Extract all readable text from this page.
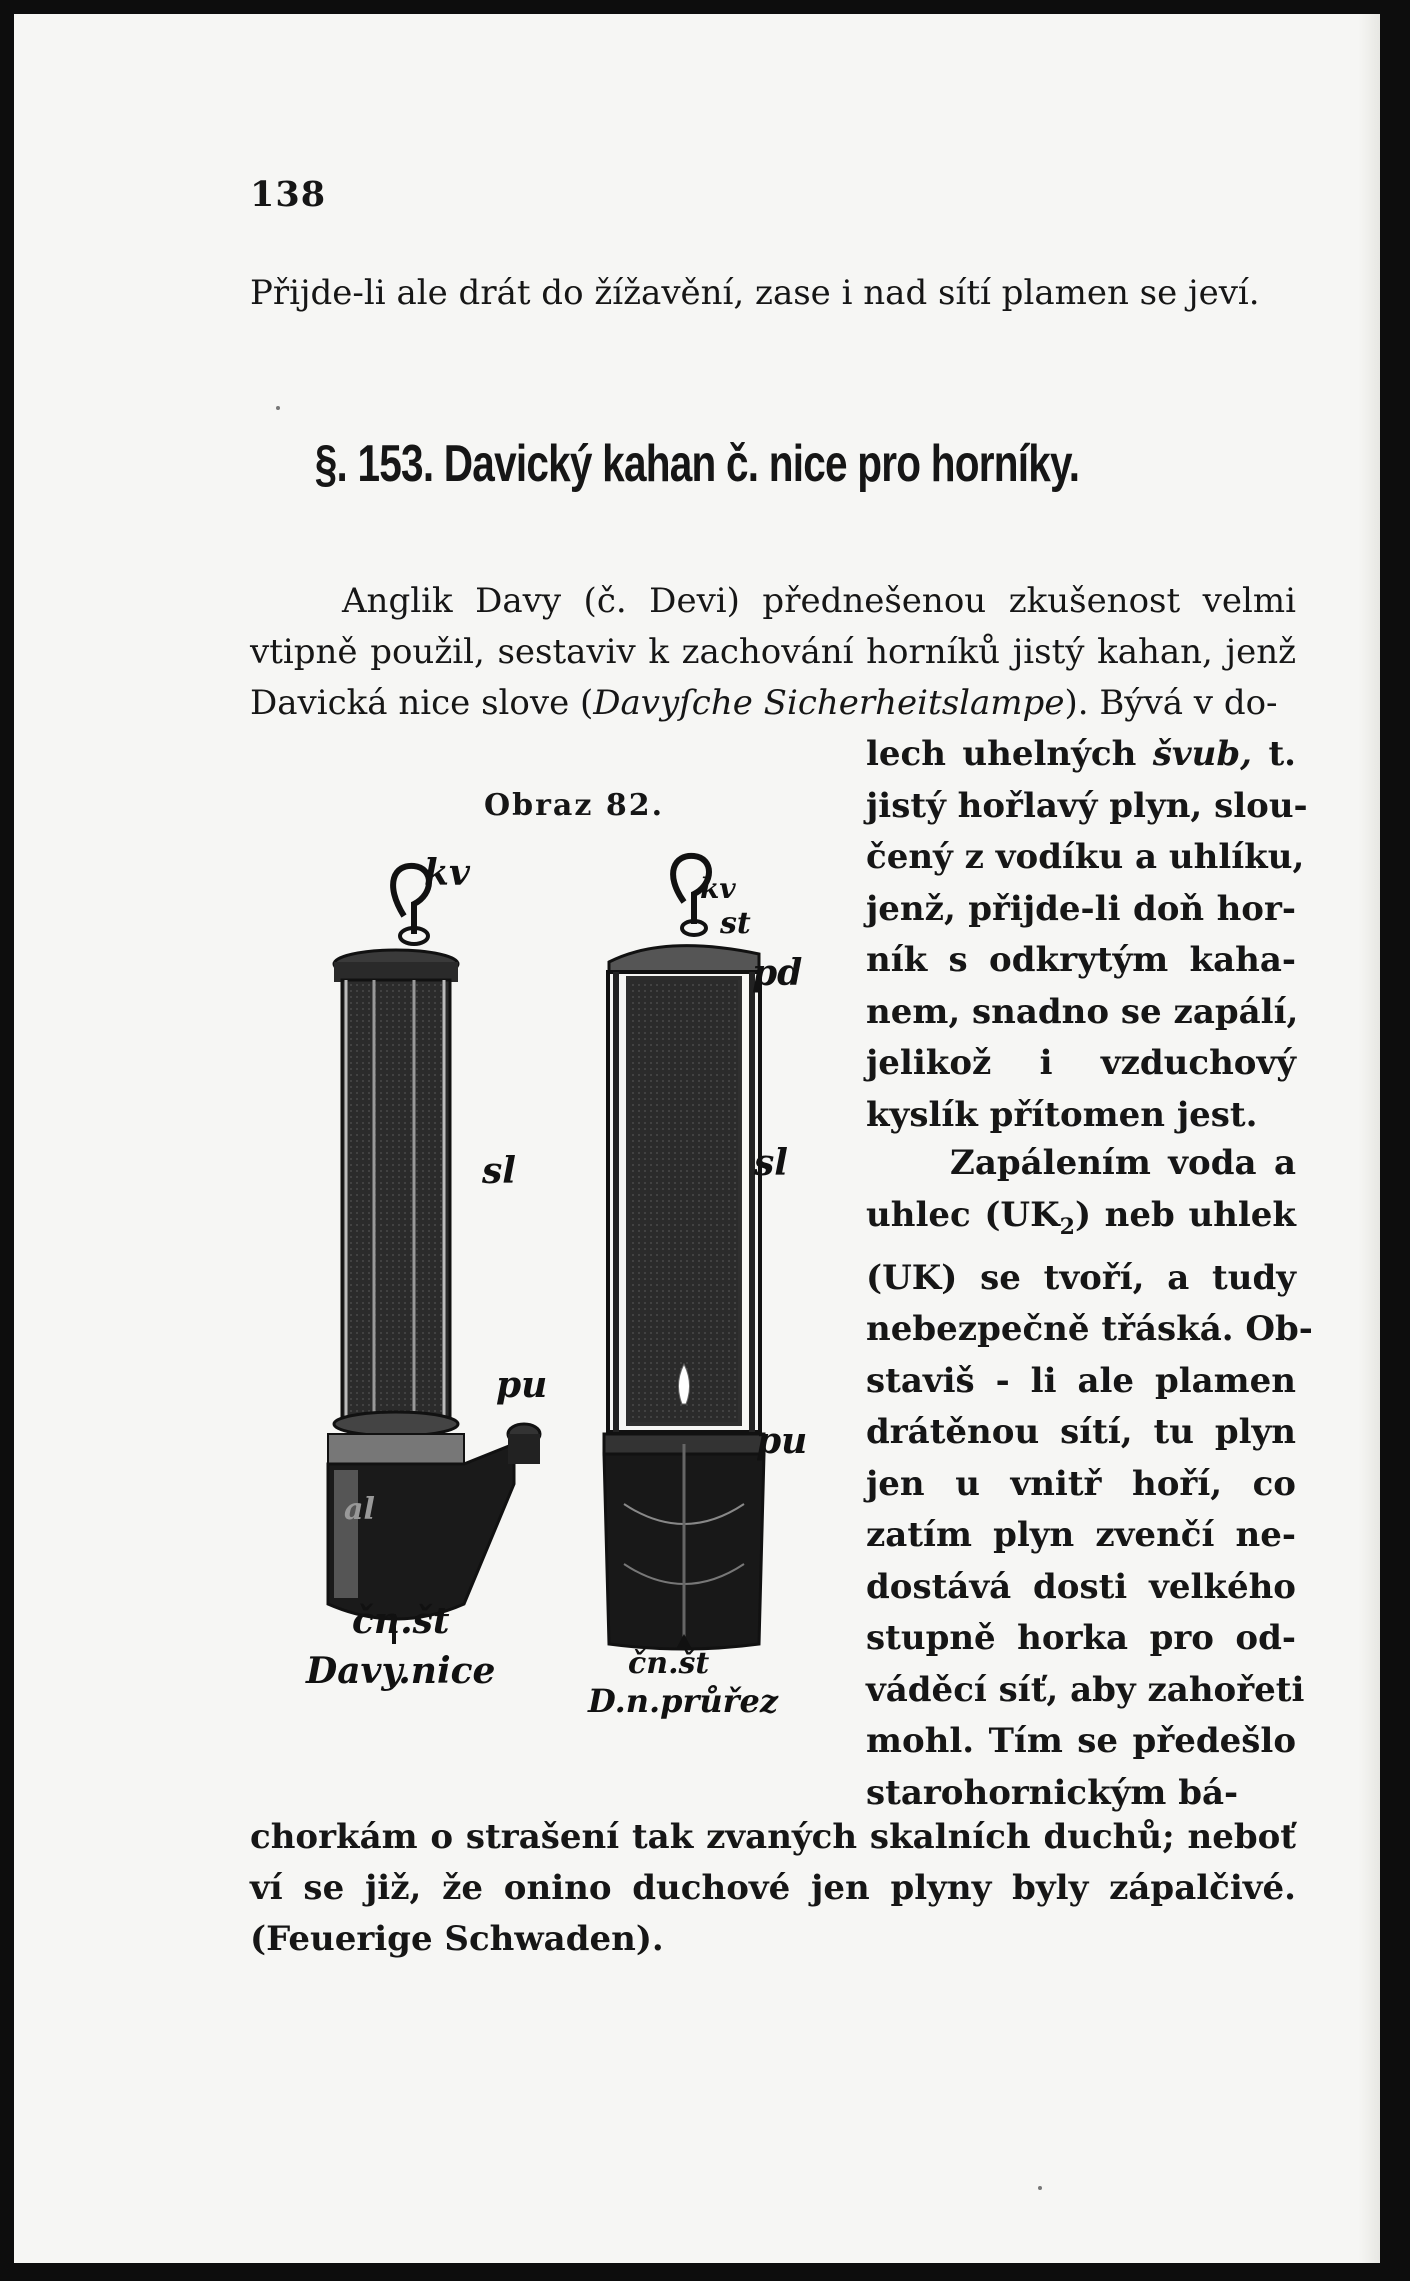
138
Přijde-li ale drát do žížavění, zase i nad sítí plamen se jeví.
§. 153. Davický kahan č. nice pro horníky.
Anglik Davy (č. Devi) přednešenou zkušenost velmi vtipně použil, sestaviv k zachování horníků jistý kahan, jenž Davická nice slove (Davyſche Sicherheitslampe). Bývá v do-
Obraz 82.
kv
sl
pu
al
čn.št
Davy.nice
kv
st
pd
sl
pu
čn.št
D.n.průřez
lech uhelných švub, t.
jistý hořlavý plyn, slou-
čený z vodíku a uhlíku,
jenž, přijde-li doň hor-
ník s odkrytým kaha-
nem, snadno se zapálí,
jelikož i vzduchový
kyslík přítomen jest.
Zapálením voda a
uhlec $(UK_2)$ neb uhlek
(UK) se tvoří, a tudy
nebezpečně třáská. Ob-
staviš - li ale plamen
drátěnou sítí, tu plyn
jen u vnitř hoří, co
zatím plyn zvenčí ne-
dostává dosti velkého
stupně horka pro od-
váděcí síť, aby zahořeti
mohl. Tím se předešlo
starohornickým bá-
chorkám o strašení tak zvaných skalních duchů; neboť ví se již, že onino duchové jen plyny byly zápalčivé. (Feuerige Schwaden).
